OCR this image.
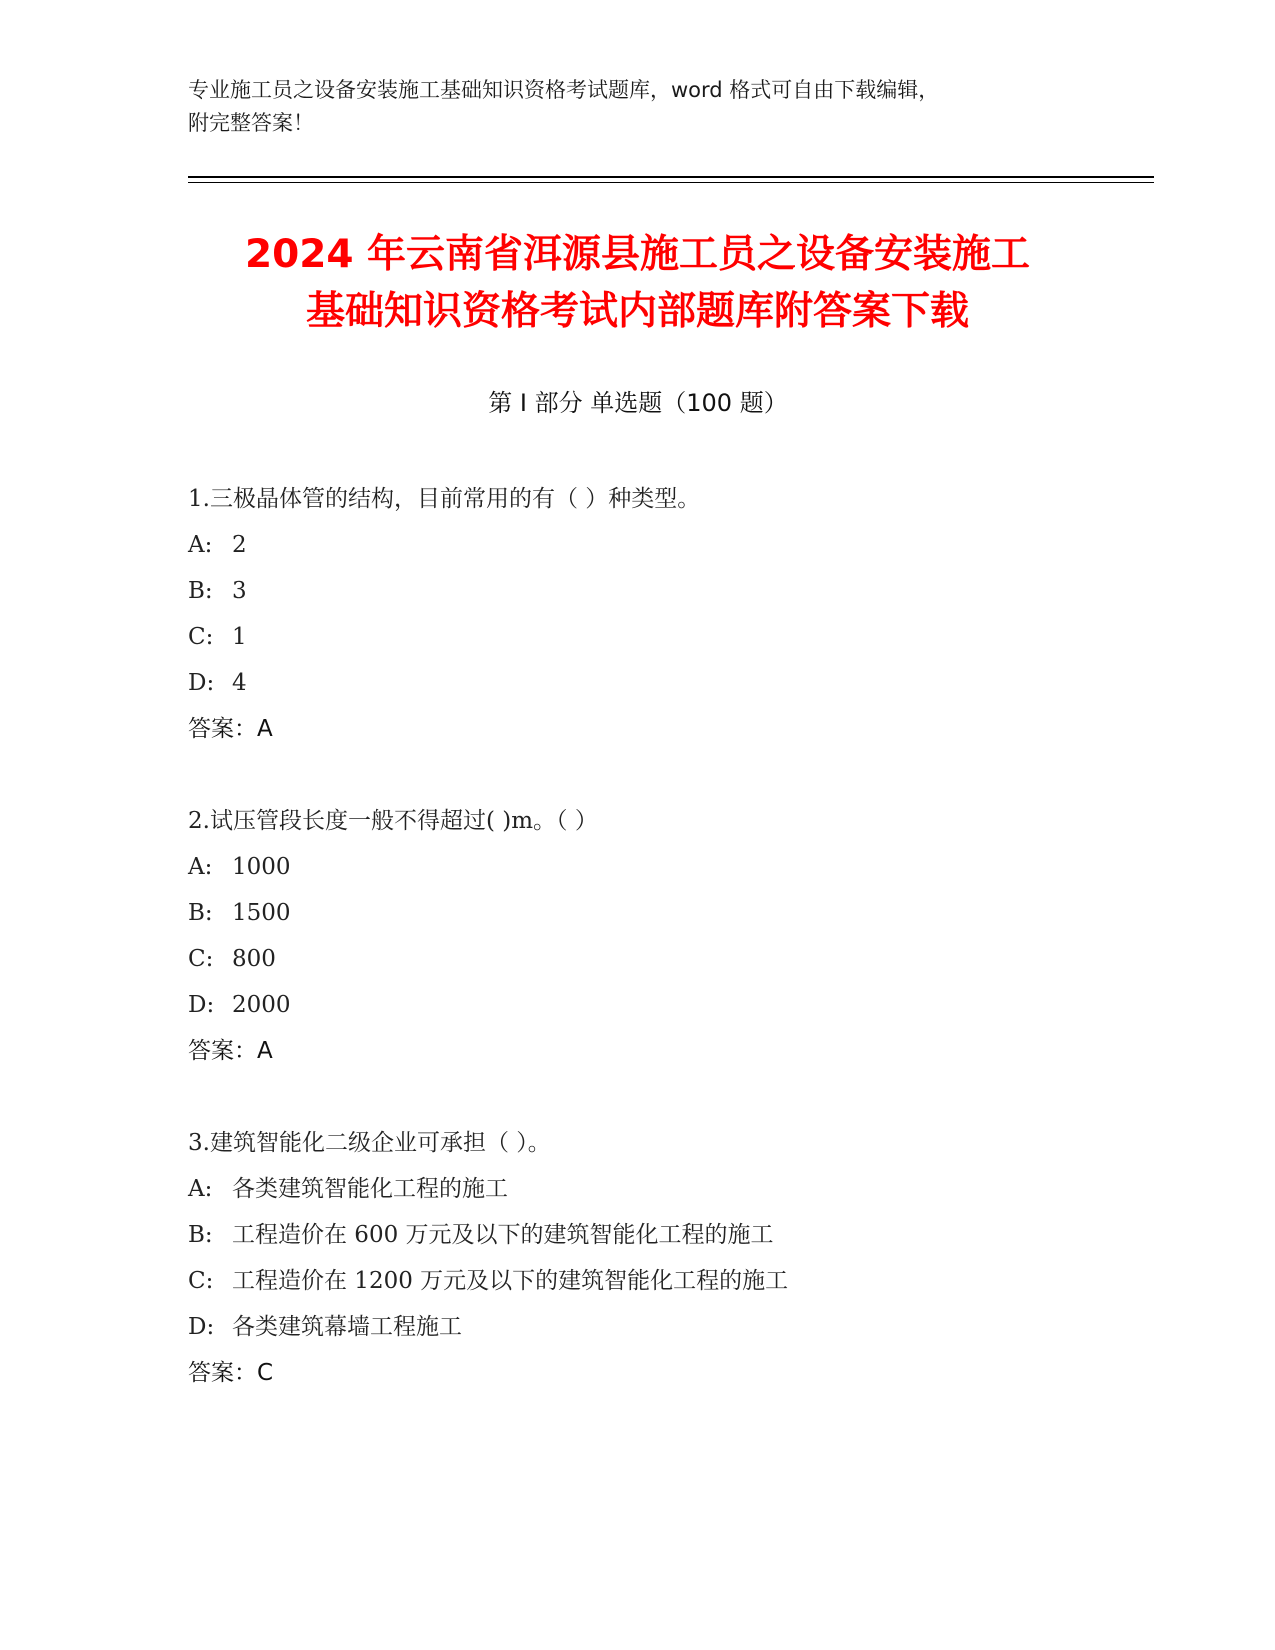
专业施工员之设备安装施工基础知识资格考试题库，word 格式可自由下载编辑，
附完整答案！
2024 年云南省洱源县施工员之设备安装施工
基础知识资格考试内部题库附答案下载
第 I 部分 单选题（100 题）
1.三极晶体管的结构，目前常用的有（ ）种类型。
A: 2
B: 3
C: 1
D: 4
答案：A
2.试压管段长度一般不得超过( )m。（ ）
A: 1000
B: 1500
C: 800
D: 2000
答案：A
3.建筑智能化二级企业可承担（ ）。
A: 各类建筑智能化工程的施工
B: 工程造价在 600 万元及以下的建筑智能化工程的施工
C: 工程造价在 1200 万元及以下的建筑智能化工程的施工
D: 各类建筑幕墙工程施工
答案：C
